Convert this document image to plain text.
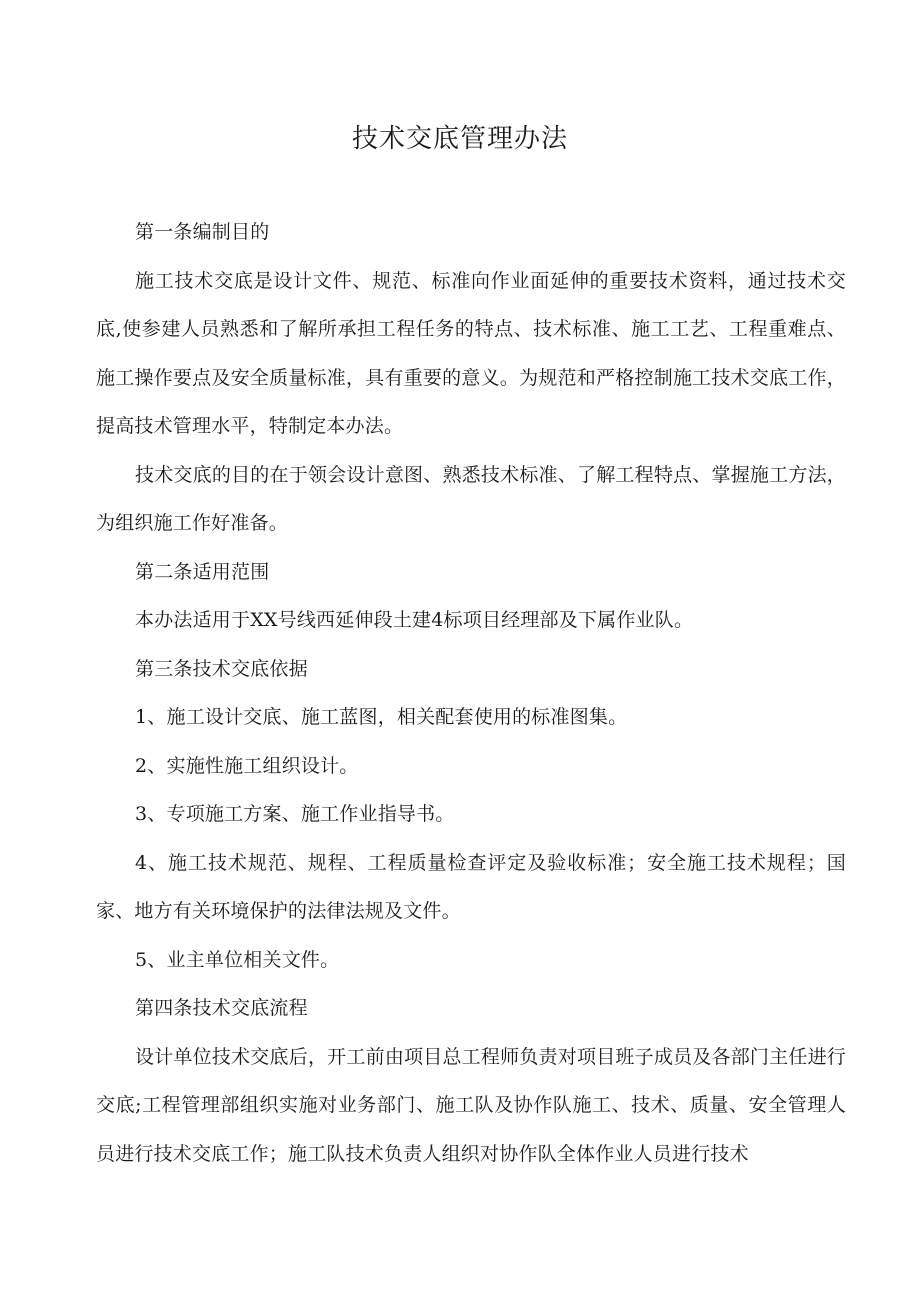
技术交底管理办法

第一条编制目的

施工技术交底是设计文件、规范、标准向作业面延伸的重要技术资料，通过技术交底,使参建人员熟悉和了解所承担工程任务的特点、技术标准、施工工艺、工程重难点、施工操作要点及安全质量标准，具有重要的意义。为规范和严格控制施工技术交底工作，提高技术管理水平，特制定本办法。

技术交底的目的在于领会设计意图、熟悉技术标准、了解工程特点、掌握施工方法，为组织施工作好准备。

第二条适用范围

本办法适用于XX号线西延伸段土建4标项目经理部及下属作业队。

第三条技术交底依据

1、施工设计交底、施工蓝图，相关配套使用的标准图集。

2、实施性施工组织设计。

3、专项施工方案、施工作业指导书。

4、施工技术规范、规程、工程质量检查评定及验收标准；安全施工技术规程；国家、地方有关环境保护的法律法规及文件。

5、业主单位相关文件。

第四条技术交底流程

设计单位技术交底后，开工前由项目总工程师负责对项目班子成员及各部门主任进行交底;工程管理部组织实施对业务部门、施工队及协作队施工、技术、质量、安全管理人员进行技术交底工作；施工队技术负责人组织对协作队全体作业人员进行技术
